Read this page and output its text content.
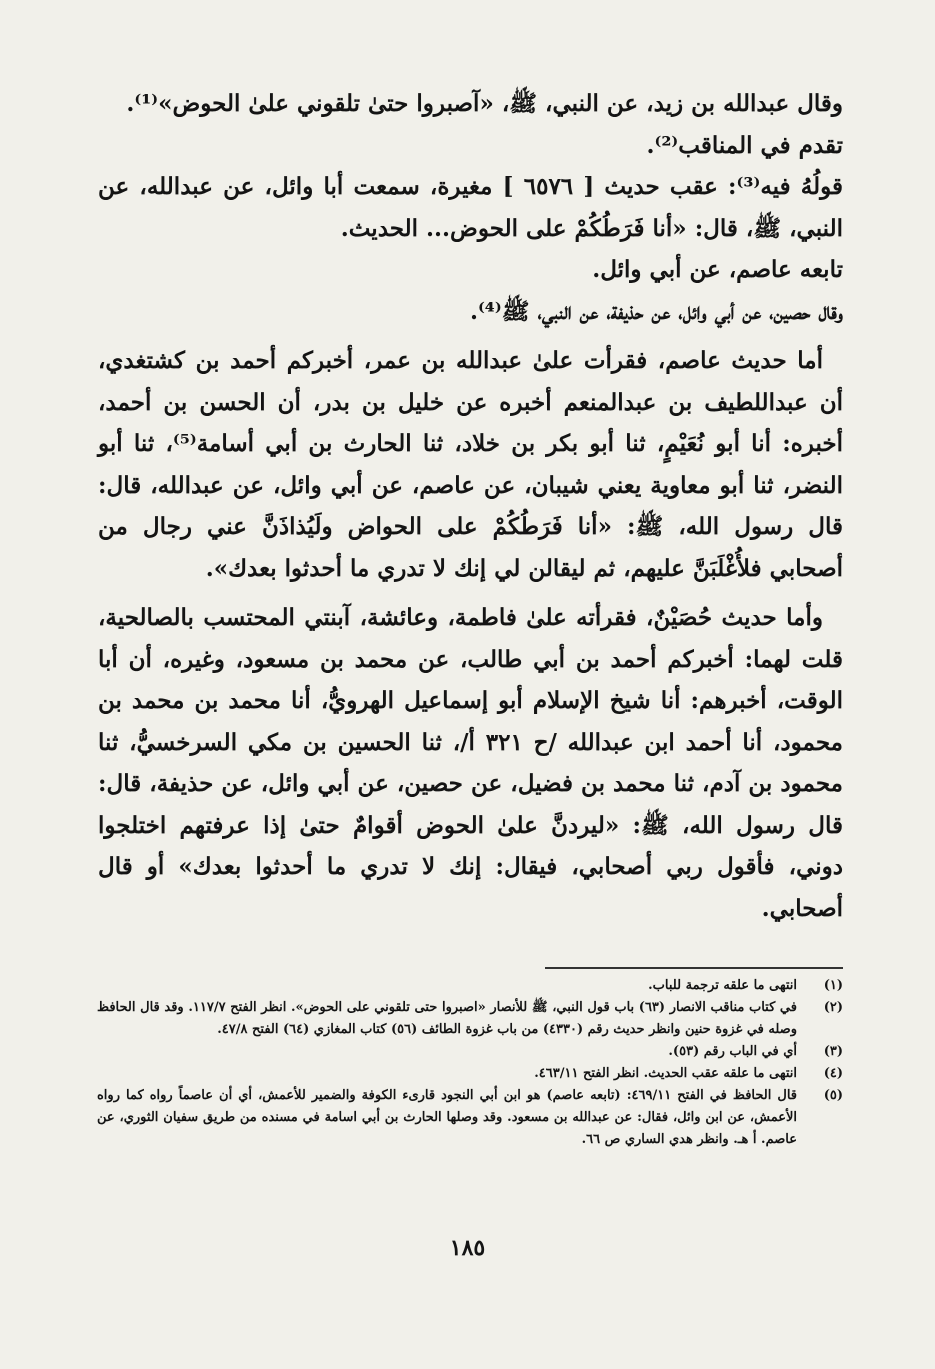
وقال عبدالله بن زيد، عن النبي، ﷺ، «آصبروا حتىٰ تلقوني علىٰ الحوض»⁽¹⁾.

تقدم في المناقب⁽²⁾.

قولُهُ فيه⁽³⁾: عقب حديث [ ٦٥٧٦ ] مغيرة، سمعت أبا وائل، عن عبدالله، عن النبي، ﷺ، قال: «أنا فَرَطُكُمْ على الحوض... الحديث.

تابعه عاصم، عن أبي وائل.

وقال حصين، عن أبي وائل، عن حذيفة، عن النبي، ﷺ⁽⁴⁾.

أما حديث عاصم، فقرأت علىٰ عبدالله بن عمر، أخبركم أحمد بن كشتغدي، أن عبداللطيف بن عبدالمنعم أخبره عن خليل بن بدر، أن الحسن بن أحمد، أخبره: أنا أبو نُعَيْمٍ، ثنا أبو بكر بن خلاد، ثنا الحارث بن أبي أسامة⁽⁵⁾، ثنا أبو النضر، ثنا أبو معاوية يعني شيبان، عن عاصم، عن أبي وائل، عن عبدالله، قال: قال رسول الله، ﷺ: «أنا فَرَطُكُمْ على الحواض ولَيُذاذَنَّ عني رجال من أصحابي فلأُغْلَبَنَّ عليهم، ثم ليقالن لي إنك لا تدري ما أحدثوا بعدك».

وأما حديث حُصَيْنٌ، فقرأته علىٰ فاطمة، وعائشة، آبنتي المحتسب بالصالحية، قلت لهما: أخبركم أحمد بن أبي طالب، عن محمد بن مسعود، وغيره، أن أبا الوقت، أخبرهم: أنا شيخ الإسلام أبو إسماعيل الهرويُّ، أنا محمد بن محمد بن محمود، أنا أحمد ابن عبدالله /ح ٣٢١ أ/، ثنا الحسين بن مكي السرخسيُّ، ثنا محمود بن آدم، ثنا محمد بن فضيل، عن حصين، عن أبي وائل، عن حذيفة، قال: قال رسول الله، ﷺ: «ليردنَّ علىٰ الحوض أقوامٌ حتىٰ إذا عرفتهم اختلجوا دوني، فأقول ربي أصحابي، فيقال: إنك لا تدري ما أحدثوا بعدك» أو قال أصحابي.

(١)
انتهى ما علقه ترجمة للباب.
(٢)
في كتاب مناقب الانصار (٦٣) باب قول النبي، ﷺ للأنصار «اصبروا حتى تلقوني على الحوض». انظر الفتح ١١٧/٧. وقد قال الحافظ وصله في غزوة حنين وانظر حديث رقم (٤٣٣٠) من باب غزوة الطائف (٥٦) كتاب المغازي (٦٤) الفتح ٤٧/٨.
(٣)
أي في الباب رقم (٥٣).
(٤)
انتهى ما علقه عقب الحديث. انظر الفتح ٤٦٣/١١.
(٥)
قال الحافظ في الفتح ٤٦٩/١١: (تابعه عاصم) هو ابن أبي النجود قارىء الكوفة والضمير للأعمش، أي أن عاصماً رواه كما رواه الأعمش، عن ابن وائل، فقال: عن عبدالله بن مسعود. وقد وصلها الحارث بن أبي اسامة في مسنده من طريق سفيان الثوري، عن عاصم. أ هـ. وانظر هدي الساري ص ٦٦.
١٨٥
